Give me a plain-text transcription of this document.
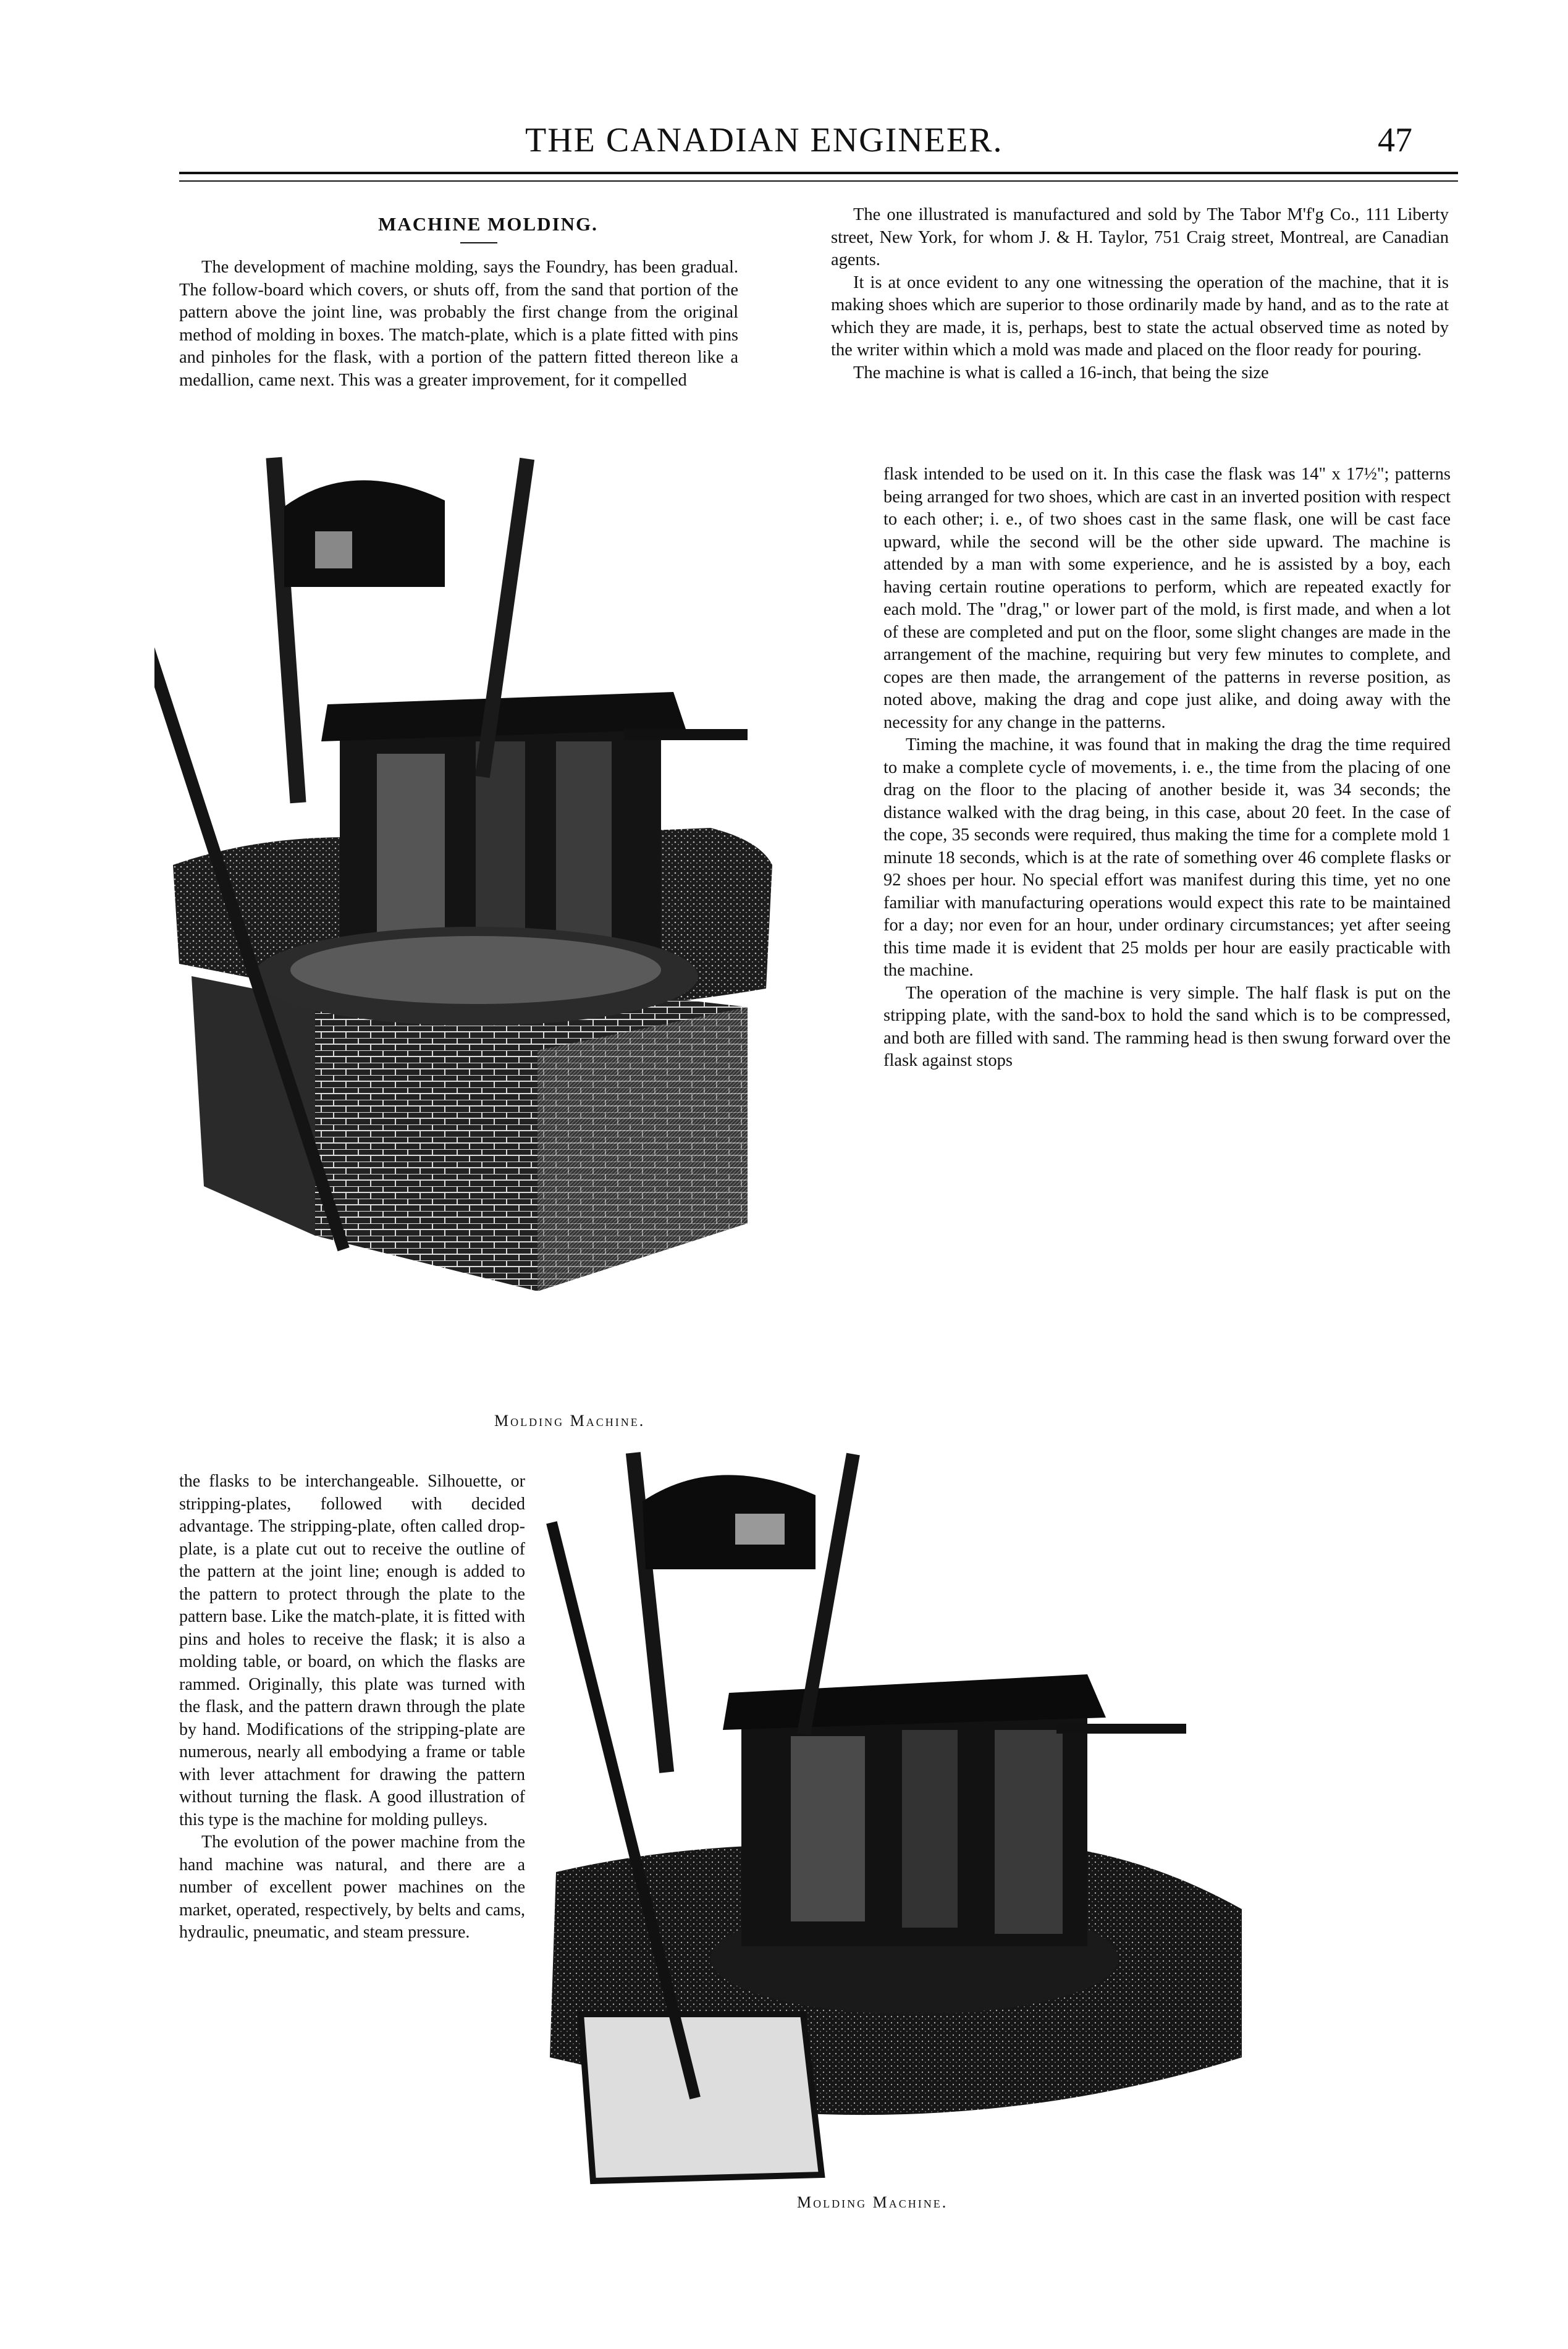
THE CANADIAN ENGINEER.	47
MACHINE MOLDING.

The development of machine molding, says the Foundry, has been gradual. The follow-board which covers, or shuts off, from the sand that portion of the pattern above the joint line, was probably the first change from the original method of molding in boxes. The match-plate, which is a plate fitted with pins and pinholes for the flask, with a portion of the pattern fitted thereon like a medallion, came next. This was a greater improvement, for it compelled

Molding Machine.

The one illustrated is manufactured and sold by The Tabor M'f'g Co., 111 Liberty street, New York, for whom J. & H. Taylor, 751 Craig street, Montreal, are Canadian agents.

It is at once evident to any one witnessing the operation of the machine, that it is making shoes which are superior to those ordinarily made by hand, and as to the rate at which they are made, it is, perhaps, best to state the actual observed time as noted by the writer within which a mold was made and placed on the floor ready for pouring.

The machine is what is called a 16-inch, that being the size

flask intended to be used on it. In this case the flask was 14" x 17½"; patterns being arranged for two shoes, which are cast in an inverted position with respect to each other; i. e., of two shoes cast in the same flask, one will be cast face upward, while the second will be the other side upward. The machine is attended by a man with some experience, and he is assisted by a boy, each having certain routine operations to perform, which are repeated exactly for each mold. The "drag," or lower part of the mold, is first made, and when a lot of these are completed and put on the floor, some slight changes are made in the arrangement of the machine, requiring but very few minutes to complete, and copes are then made, the arrangement of the patterns in reverse position, as noted above, making the drag and cope just alike, and doing away with the necessity for any change in the patterns.

Timing the machine, it was found that in making the drag the time required to make a complete cycle of movements, i. e., the time from the placing of one drag on the floor to the placing of another beside it, was 34 seconds; the distance walked with the drag being, in this case, about 20 feet. In the case of the cope, 35 seconds were required, thus making the time for a complete mold 1 minute 18 seconds, which is at the rate of something over 46 complete flasks or 92 shoes per hour. No special effort was manifest during this time, yet no one familiar with manufacturing operations would expect this rate to be maintained for a day; nor even for an hour, under ordinary circumstances; yet after seeing this time made it is evident that 25 molds per hour are easily practicable with the machine.

The operation of the machine is very simple. The half flask is put on the stripping plate, with the sand-box to hold the sand which is to be compressed, and both are filled with sand. The ramming head is then swung forward over the flask against stops

the flasks to be interchangeable. Silhouette, or stripping-plates, followed with decided advantage. The stripping-plate, often called drop-plate, is a plate cut out to receive the outline of the pattern at the joint line; enough is added to the pattern to protect through the plate to the pattern base. Like the match-plate, it is fitted with pins and holes to receive the flask; it is also a molding table, or board, on which the flasks are rammed. Originally, this plate was turned with the flask, and the pattern drawn through the plate by hand. Modifications of the stripping-plate are numerous, nearly all embodying a frame or table with lever attachment for drawing the pattern without turning the flask. A good illustration of this type is the machine for molding pulleys.

The evolution of the power machine from the hand machine was natural, and there are a number of excellent power machines on the market, operated, respectively, by belts and cams, hydraulic, pneumatic, and steam pressure.

Molding Machine.
